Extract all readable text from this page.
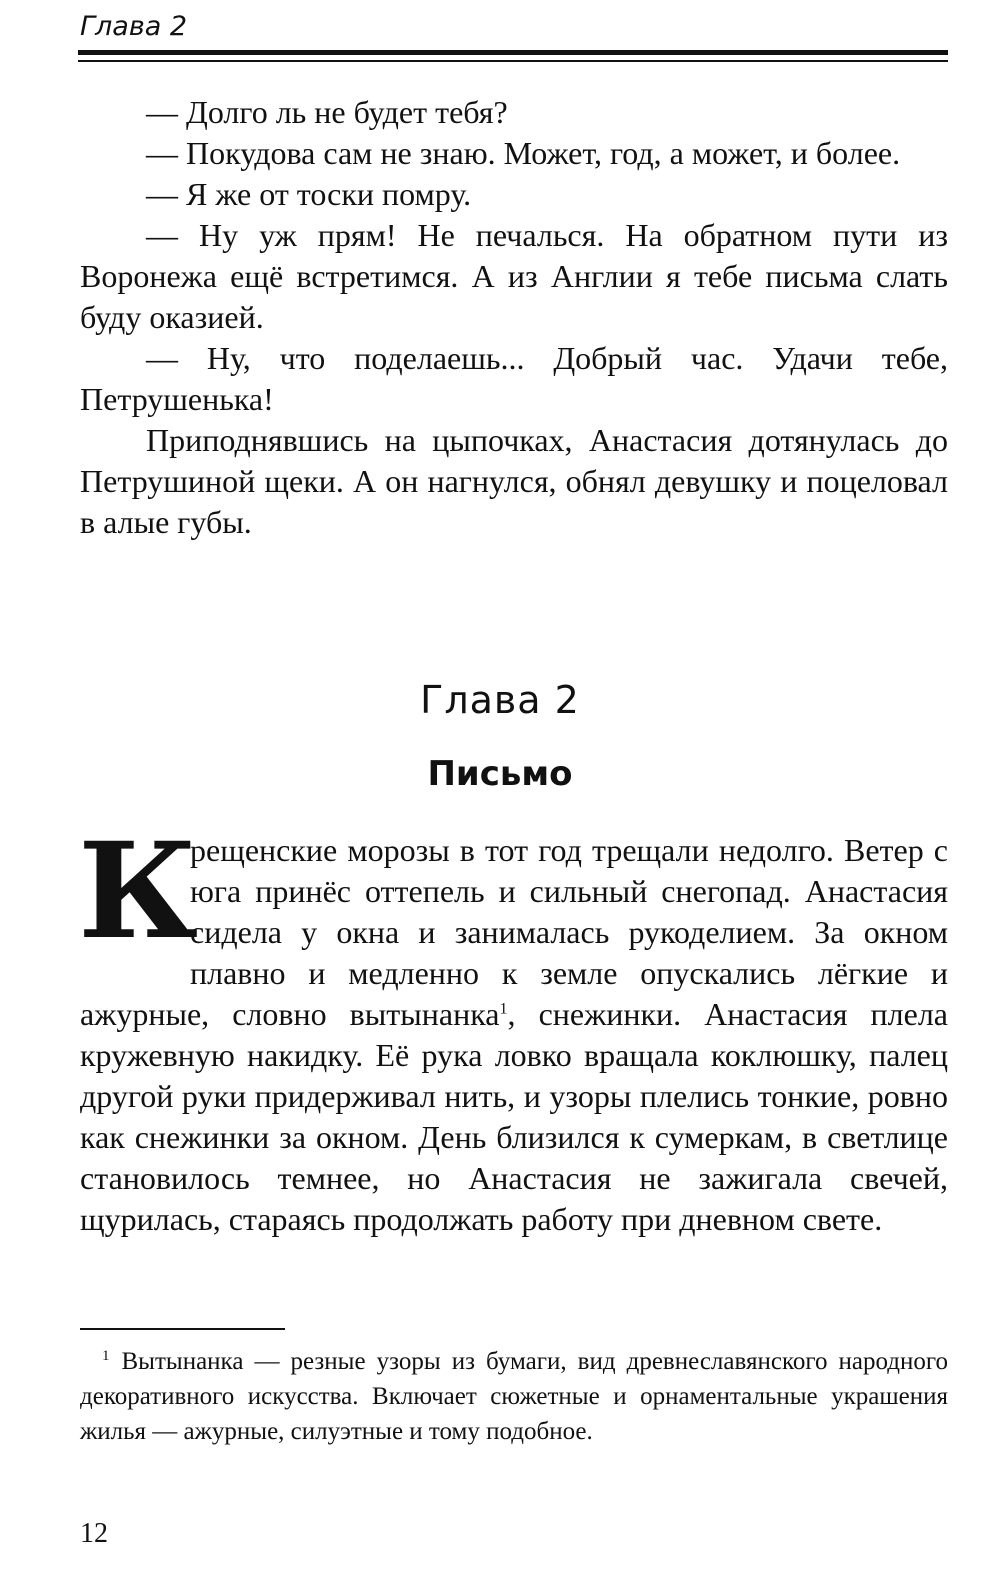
Глава 2

— Долго ль не будет тебя?

— Покудова сам не знаю. Может, год, а может, и более.

— Я же от тоски помру.

— Ну уж прям! Не печалься. На обратном пути из Воронежа ещё встретимся. А из Англии я тебе письма слать буду оказией.

— Ну, что поделаешь... Добрый час. Удачи тебе, Петрушенька!

Приподнявшись на цыпочках, Анастасия дотянулась до Петрушиной щеки. А он нагнулся, обнял девушку и поцеловал в алые губы.

Глава 2
Письмо

К
рещенские морозы в тот год трещали недолго. Ветер с юга принёс оттепель и сильный снегопад. Анастасия сидела у окна и занималась рукоделием. За окном плавно и медленно к земле опускались лёгкие и ажурные, словно вытынанка$^1$, снежинки. Анастасия плела кружевную накидку. Её рука ловко вращала коклюшку, палец другой руки придерживал нить, и узоры плелись тонкие, ровно как снежинки за окном. День близился к сумеркам, в светлице становилось темнее, но Анастасия не зажигала свечей, щурилась, стараясь продолжать работу при дневном свете.

$^1$ Вытынанка — резные узоры из бумаги, вид древнеславянского народного декоративного искусства. Включает сюжетные и орнаментальные украшения жилья — ажурные, силуэтные и тому подобное.

12
